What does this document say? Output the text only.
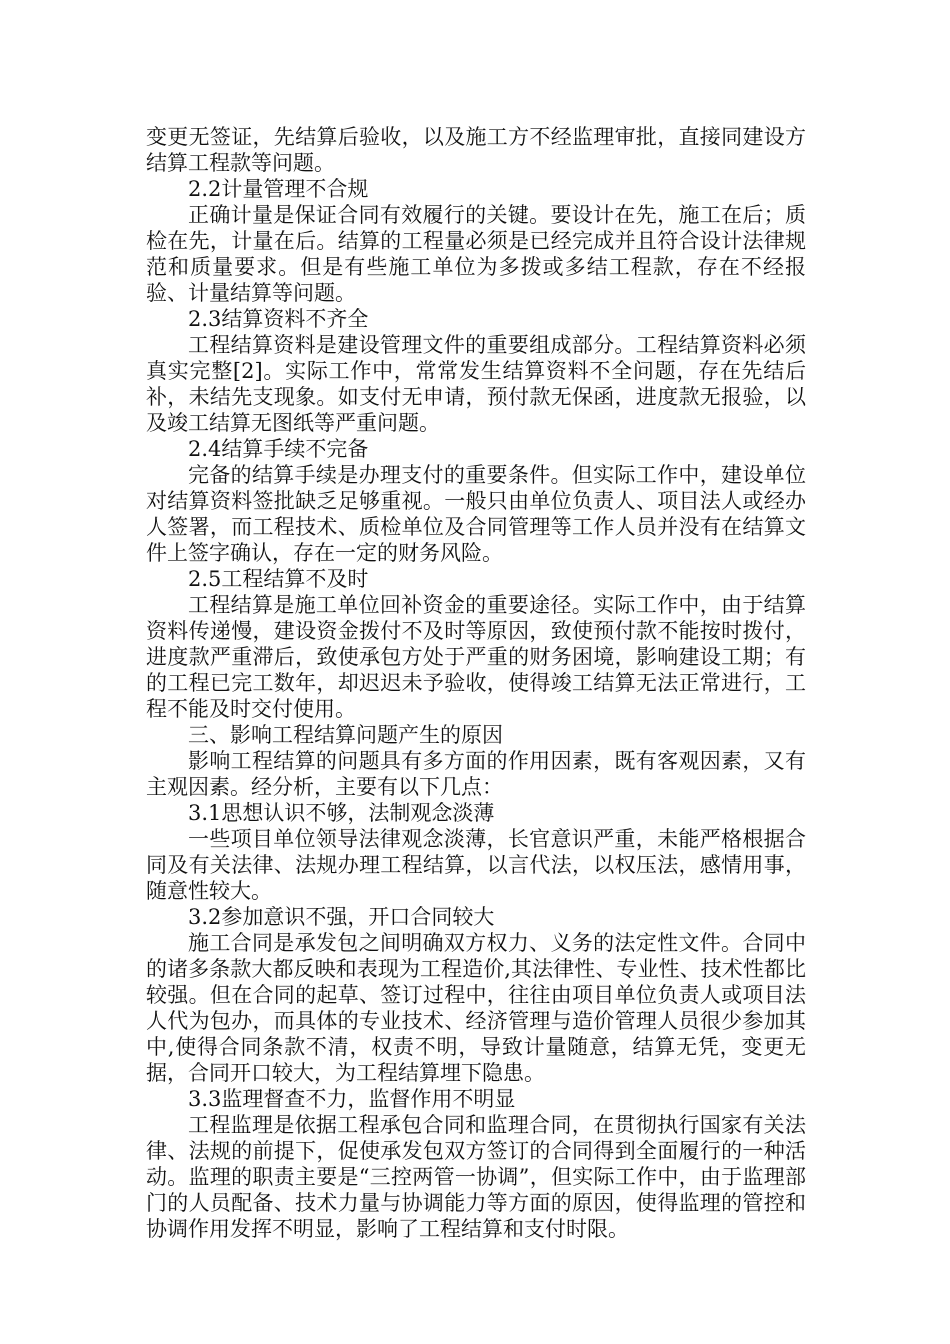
变更无签证，先结算后验收，以及施工方不经监理审批，直接同建设方结算工程款等问题。

2.2计量管理不合规

正确计量是保证合同有效履行的关键。要设计在先，施工在后；质检在先，计量在后。结算的工程量必须是已经完成并且符合设计法律规范和质量要求。但是有些施工单位为多拨或多结工程款，存在不经报验、计量结算等问题。

2.3结算资料不齐全

工程结算资料是建设管理文件的重要组成部分。工程结算资料必须真实完整[2]。实际工作中，常常发生结算资料不全问题，存在先结后补，未结先支现象。如支付无申请，预付款无保函，进度款无报验，以及竣工结算无图纸等严重问题。

2.4结算手续不完备

完备的结算手续是办理支付的重要条件。但实际工作中，建设单位对结算资料签批缺乏足够重视。一般只由单位负责人、项目法人或经办人签署，而工程技术、质检单位及合同管理等工作人员并没有在结算文件上签字确认，存在一定的财务风险。

2.5工程结算不及时

工程结算是施工单位回补资金的重要途径。实际工作中，由于结算资料传递慢，建设资金拨付不及时等原因，致使预付款不能按时拨付，进度款严重滞后，致使承包方处于严重的财务困境，影响建设工期；有的工程已完工数年，却迟迟未予验收，使得竣工结算无法正常进行，工程不能及时交付使用。

三、影响工程结算问题产生的原因

影响工程结算的问题具有多方面的作用因素，既有客观因素，又有主观因素。经分析，主要有以下几点：

3.1思想认识不够，法制观念淡薄

一些项目单位领导法律观念淡薄，长官意识严重，未能严格根据合同及有关法律、法规办理工程结算，以言代法，以权压法，感情用事，随意性较大。

3.2参加意识不强，开口合同较大

施工合同是承发包之间明确双方权力、义务的法定性文件。合同中的诸多条款大都反映和表现为工程造价,其法律性、专业性、技术性都比较强。但在合同的起草、签订过程中，往往由项目单位负责人或项目法人代为包办，而具体的专业技术、经济管理与造价管理人员很少参加其中,使得合同条款不清，权责不明，导致计量随意，结算无凭，变更无据，合同开口较大，为工程结算埋下隐患。

3.3监理督查不力，监督作用不明显

工程监理是依据工程承包合同和监理合同，在贯彻执行国家有关法律、法规的前提下，促使承发包双方签订的合同得到全面履行的一种活动。监理的职责主要是“三控两管一协调”，但实际工作中，由于监理部门的人员配备、技术力量与协调能力等方面的原因，使得监理的管控和协调作用发挥不明显，影响了工程结算和支付时限。
